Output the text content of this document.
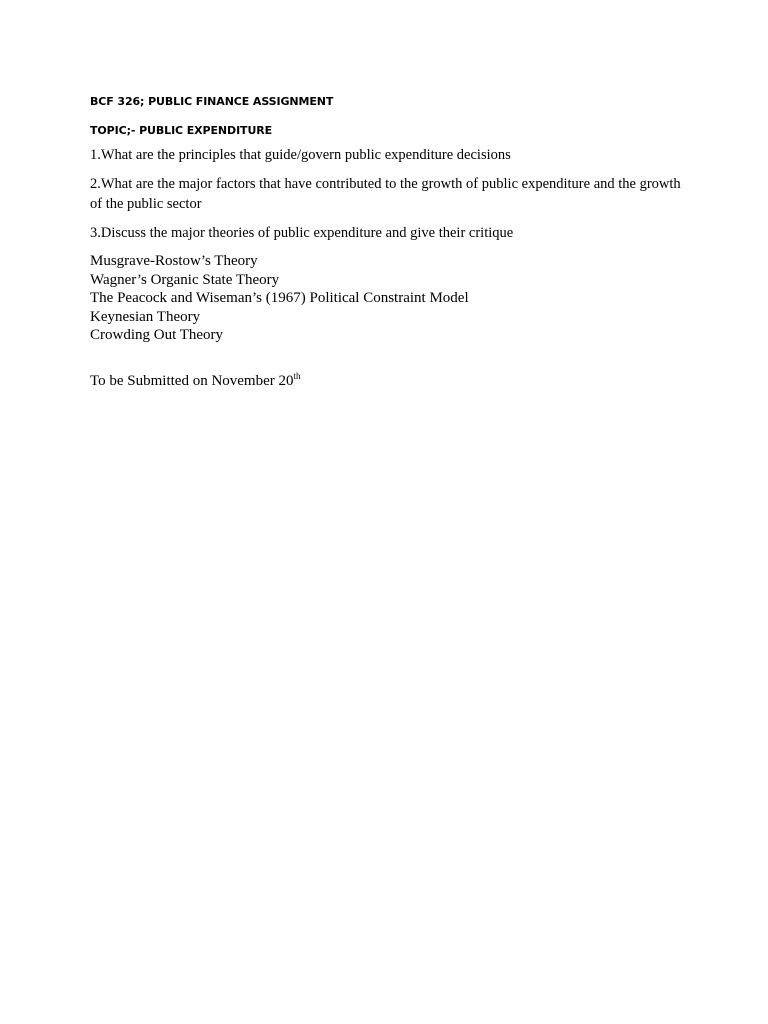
BCF 326; PUBLIC FINANCE ASSIGNMENT

TOPIC;- PUBLIC EXPENDITURE

1.What are the principles that guide/govern public expenditure decisions

2.What are the major factors that have contributed to the growth of public expenditure and the growth of the public sector

3.Discuss the major theories of public expenditure and give their critique

Musgrave-Rostow’s Theory
Wagner’s Organic State Theory
The Peacock and Wiseman’s (1967) Political Constraint Model
Keynesian Theory
Crowding Out Theory

To be Submitted on November 20th
